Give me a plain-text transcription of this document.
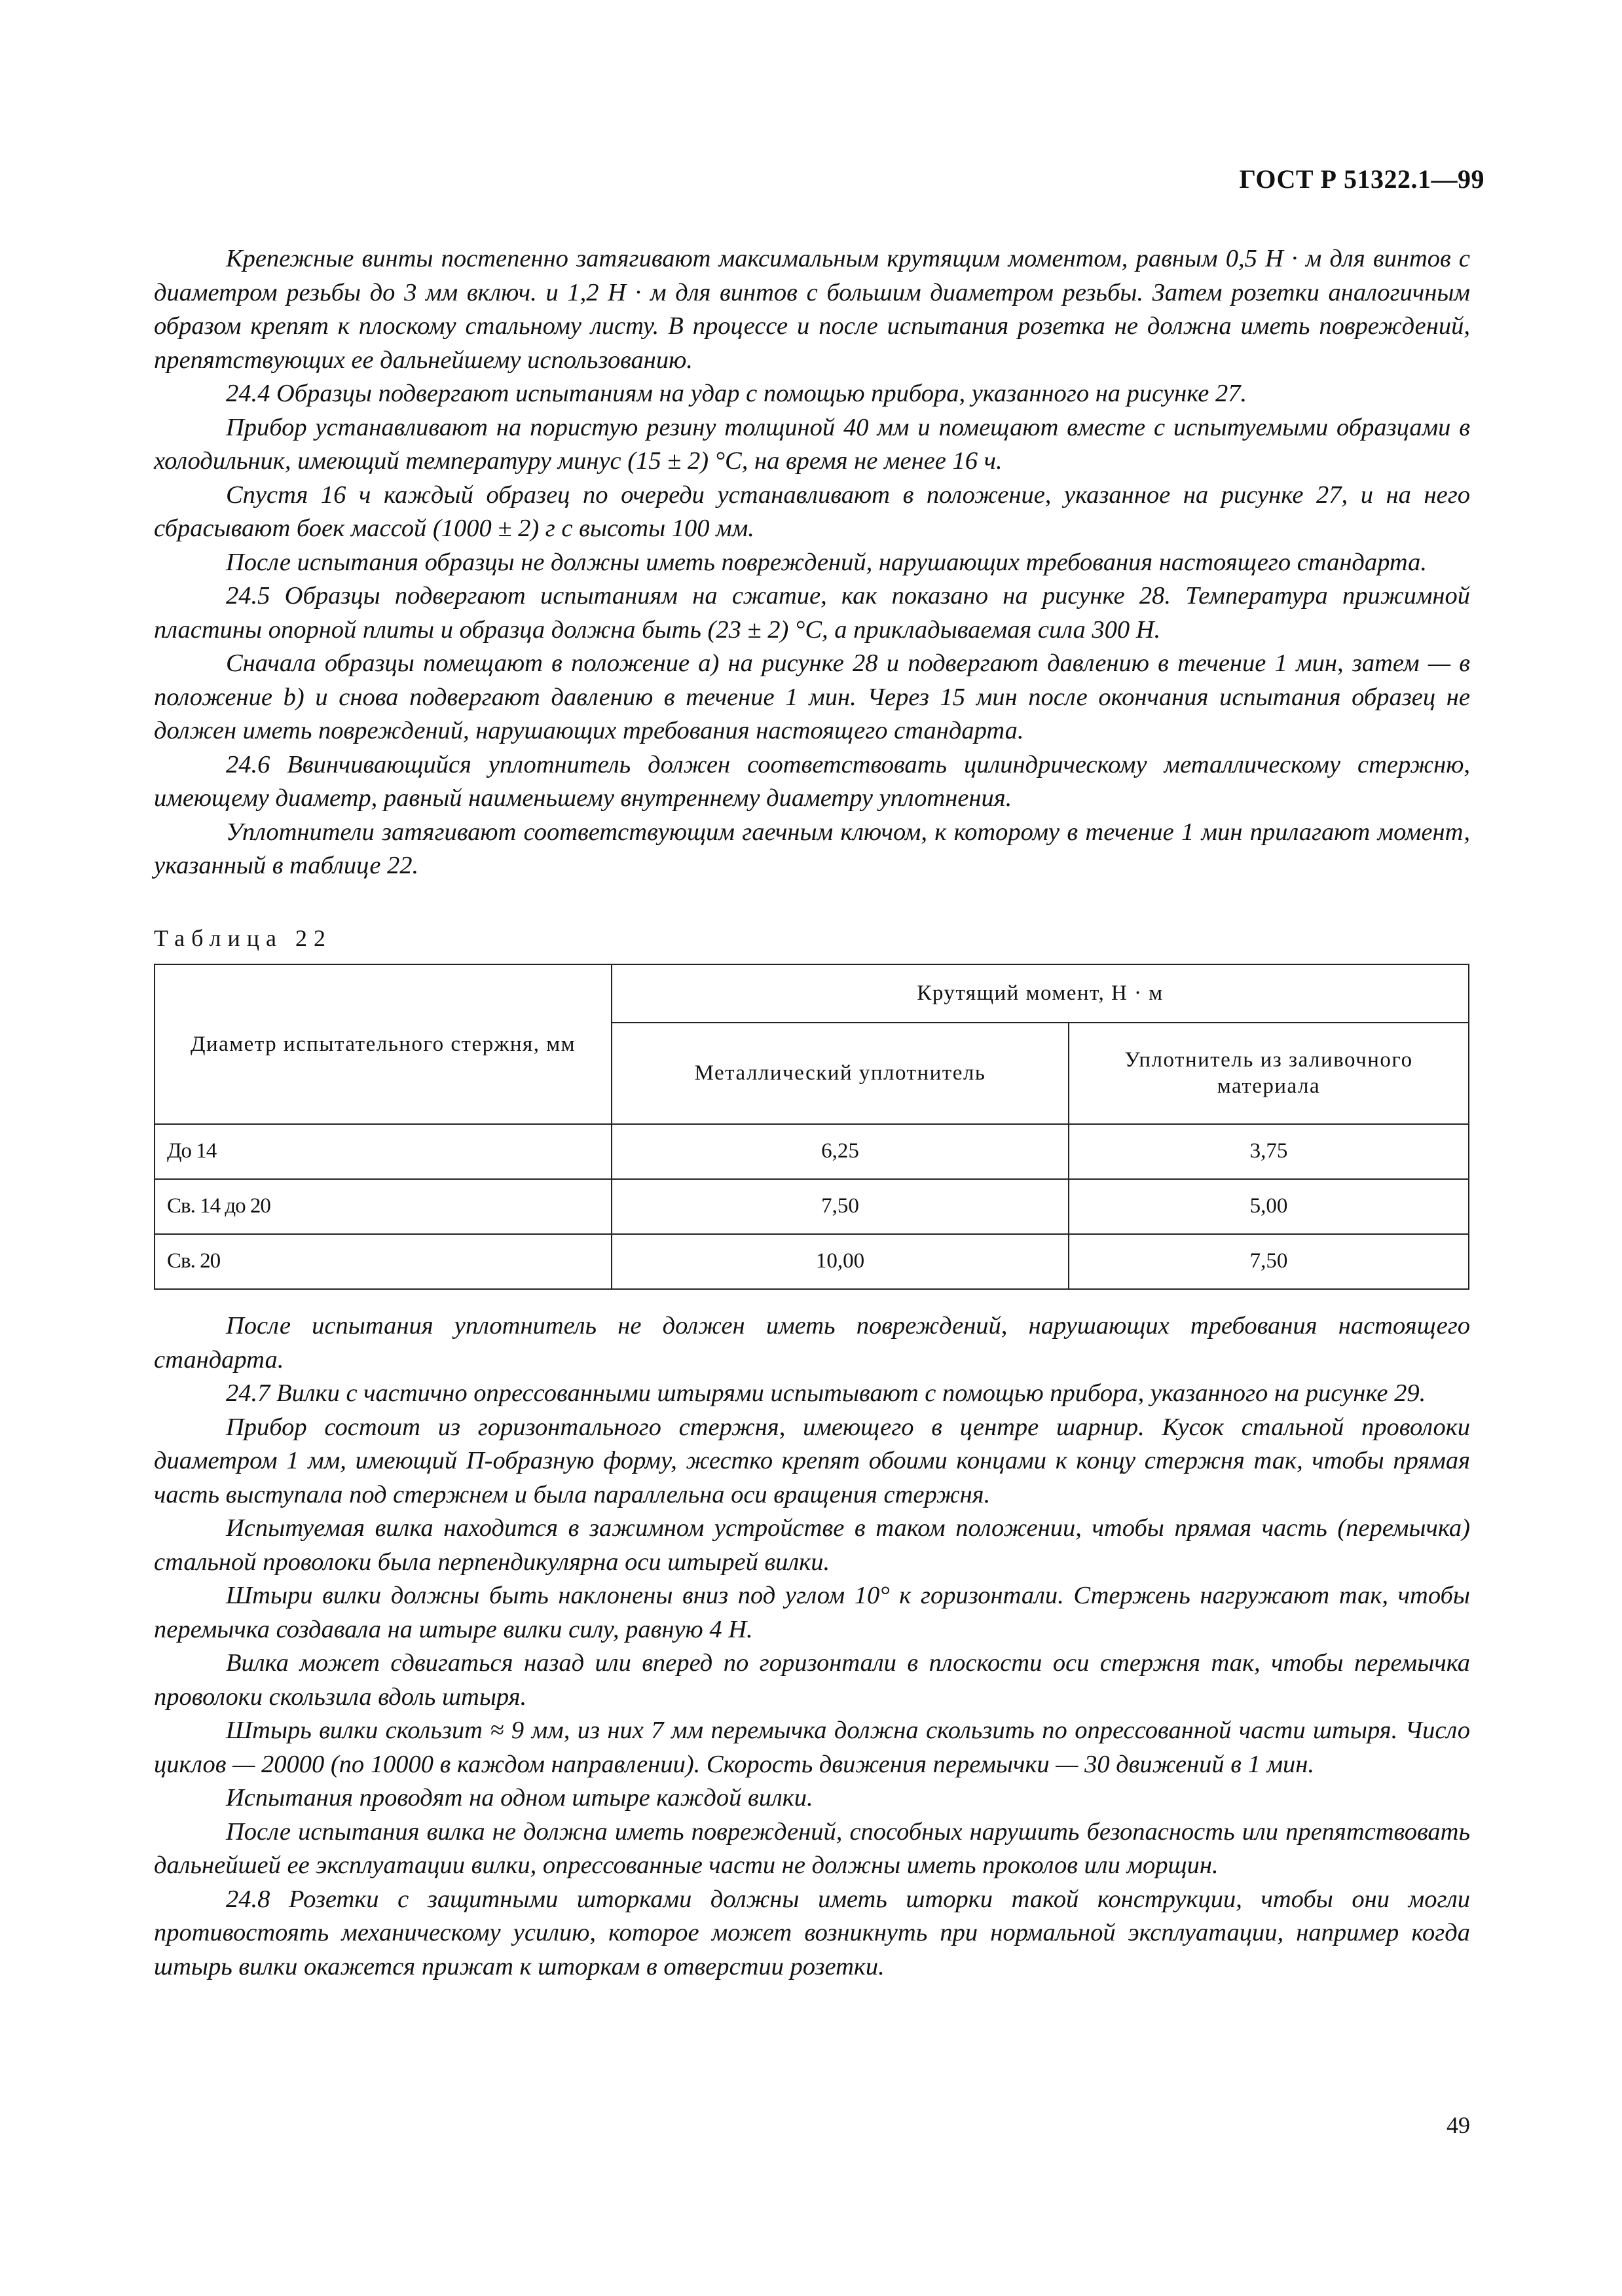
ГОСТ Р 51322.1—99

Крепежные винты постепенно затягивают максимальным крутящим моментом, равным 0,5 Н · м для винтов с диаметром резьбы до 3 мм включ. и 1,2 Н · м для винтов с большим диаметром резьбы. Затем розетки аналогичным образом крепят к плоскому стальному листу. В процессе и после испытания розетка не должна иметь повреждений, препятствующих ее дальнейшему использованию.

24.4 Образцы подвергают испытаниям на удар с помощью прибора, указанного на рисунке 27.

Прибор устанавливают на пористую резину толщиной 40 мм и помещают вместе с испытуемыми образцами в холодильник, имеющий температуру минус (15 ± 2) °С, на время не менее 16 ч.

Спустя 16 ч каждый образец по очереди устанавливают в положение, указанное на рисунке 27, и на него сбрасывают боек массой (1000 ± 2) г с высоты 100 мм.

После испытания образцы не должны иметь повреждений, нарушающих требования настоящего стандарта.

24.5 Образцы подвергают испытаниям на сжатие, как показано на рисунке 28. Температура прижимной пластины опорной плиты и образца должна быть (23 ± 2) °С, а прикладываемая сила 300 Н.

Сначала образцы помещают в положение а) на рисунке 28 и подвергают давлению в течение 1 мин, затем — в положение b) и снова подвергают давлению в течение 1 мин. Через 15 мин после окончания испытания образец не должен иметь повреждений, нарушающих требования настоящего стандарта.

24.6 Ввинчивающийся уплотнитель должен соответствовать цилиндрическому металлическому стержню, имеющему диаметр, равный наименьшему внутреннему диаметру уплотнения.

Уплотнители затягивают соответствующим гаечным ключом, к которому в течение 1 мин прилагают момент, указанный в таблице 22.

Таблица 22
Диаметр испытательного стержня, мм	Крутящий момент, Н · м	
	Металлический уплотнитель	Уплотнитель из заливочного материала
До 14	6,25	3,75
Св. 14 до 20	7,50	5,00
Св. 20	10,00	7,50

После испытания уплотнитель не должен иметь повреждений, нарушающих требования настоящего стандарта.

24.7 Вилки с частично опрессованными штырями испытывают с помощью прибора, указанного на рисунке 29.

Прибор состоит из горизонтального стержня, имеющего в центре шарнир. Кусок стальной проволоки диаметром 1 мм, имеющий П-образную форму, жестко крепят обоими концами к концу стержня так, чтобы прямая часть выступала под стержнем и была параллельна оси вращения стержня.

Испытуемая вилка находится в зажимном устройстве в таком положении, чтобы прямая часть (перемычка) стальной проволоки была перпендикулярна оси штырей вилки.

Штыри вилки должны быть наклонены вниз под углом 10° к горизонтали. Стержень нагружают так, чтобы перемычка создавала на штыре вилки силу, равную 4 Н.

Вилка может сдвигаться назад или вперед по горизонтали в плоскости оси стержня так, чтобы перемычка проволоки скользила вдоль штыря.

Штырь вилки скользит ≈ 9 мм, из них 7 мм перемычка должна скользить по опрессованной части штыря. Число циклов — 20000 (по 10000 в каждом направлении). Скорость движения перемычки — 30 движений в 1 мин.

Испытания проводят на одном штыре каждой вилки.

После испытания вилка не должна иметь повреждений, способных нарушить безопасность или препятствовать дальнейшей ее эксплуатации вилки, опрессованные части не должны иметь проколов или морщин.

24.8 Розетки с защитными шторками должны иметь шторки такой конструкции, чтобы они могли противостоять механическому усилию, которое может возникнуть при нормальной эксплуатации, например когда штырь вилки окажется прижат к шторкам в отверстии розетки.

49
